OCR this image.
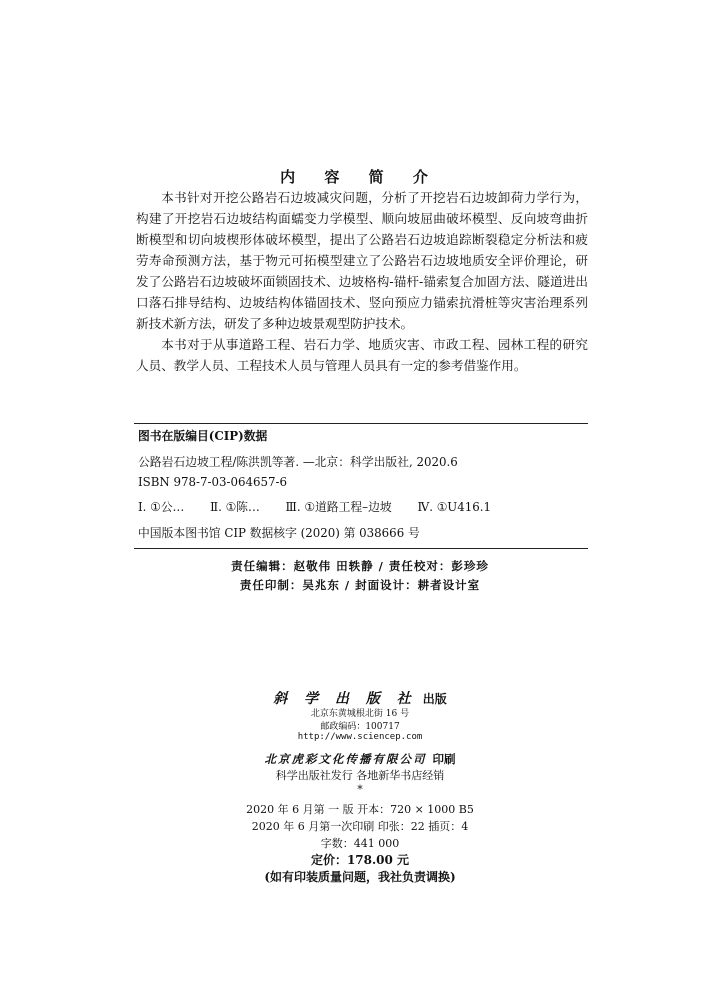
内 容 简 介

本书针对开挖公路岩石边坡减灾问题，分析了开挖岩石边坡卸荷力学行为，构建了开挖岩石边坡结构面蠕变力学模型、顺向坡屈曲破坏模型、反向坡弯曲折断模型和切向坡楔形体破坏模型，提出了公路岩石边坡追踪断裂稳定分析法和疲劳寿命预测方法，基于物元可拓模型建立了公路岩石边坡地质安全评价理论，研发了公路岩石边坡破坏面锁固技术、边坡格构-锚杆-锚索复合加固方法、隧道进出口落石排导结构、边坡结构体锚固技术、竖向预应力锚索抗滑桩等灾害治理系列新技术新方法，研发了多种边坡景观型防护技术。

本书对于从事道路工程、岩石力学、地质灾害、市政工程、园林工程的研究人员、教学人员、工程技术人员与管理人员具有一定的参考借鉴作用。

图书在版编目(CIP)数据
公路岩石边坡工程/陈洪凯等著. —北京：科学出版社, 2020.6
ISBN 978-7-03-064657-6
Ⅰ. ①公… Ⅱ. ①陈… Ⅲ. ①道路工程–边坡 Ⅳ. ①U416.1
中国版本图书馆 CIP 数据核字 (2020) 第 038666 号
责任编辑：赵敬伟 田轶静 / 责任校对：彭珍珍
责任印制：吴兆东 / 封面设计：耕者设计室
斜 学 出 版 社 出版
北京东黄城根北街 16 号
邮政编码：100717
http://www.sciencep.com
北京虎彩文化传播有限公司 印刷
科学出版社发行 各地新华书店经销
*
2020 年 6 月第 一 版 开本：720 × 1000 B5
2020 年 6 月第一次印刷 印张：22 插页：4
字数：441 000
定价：178.00 元
(如有印装质量问题，我社负责调换)
